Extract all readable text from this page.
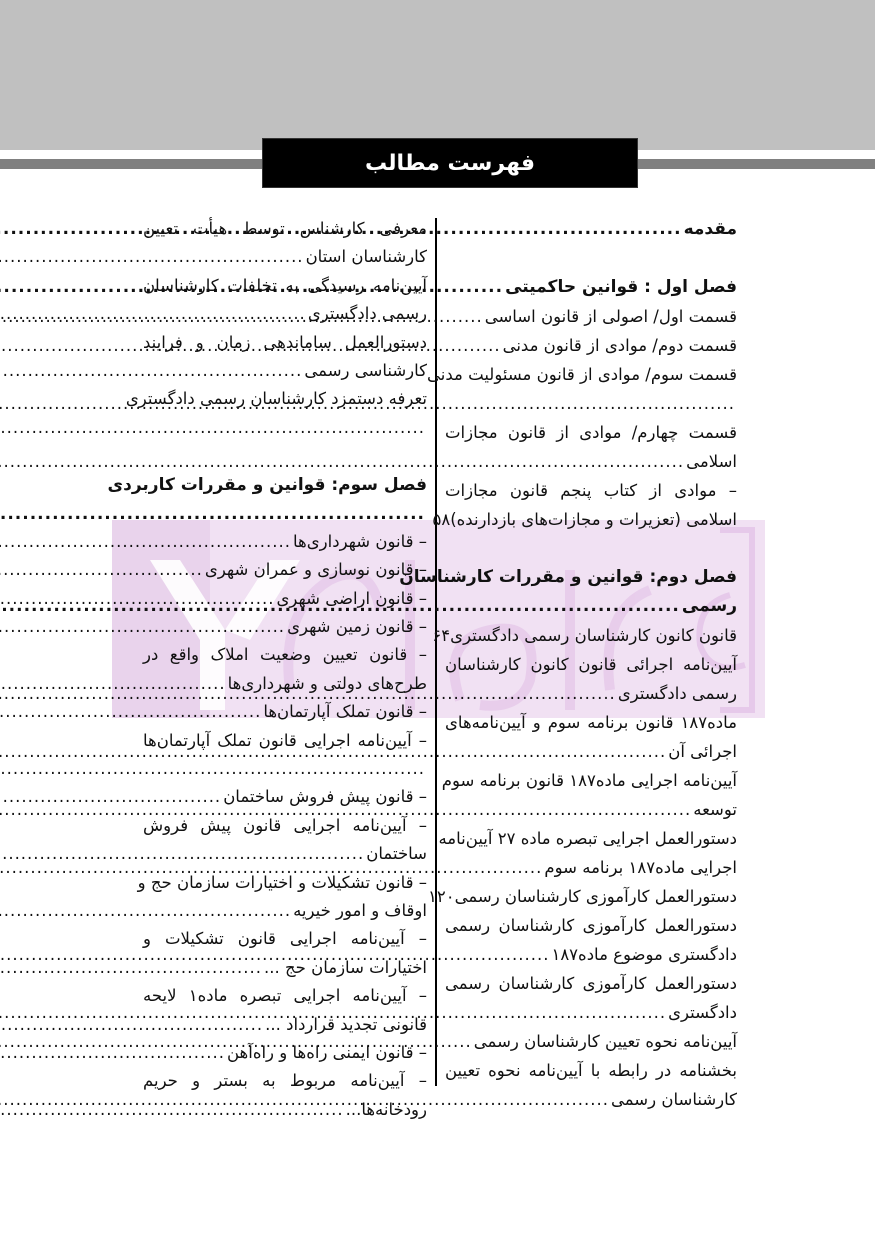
فهرست مطالب
مقدمه
.....
فصل اول : قوانین حاکمیتی
.....
قسمت اول/ اصولی از قانون اساسی
.....
قسمت دوم/ موادی از قانون مدنی
.....
قسمت سوم/ موادی از قانون مسئولیت مدنی
.....
قسمت چهارم/ موادی از قانون مجازات
اسلامی
.....
– موادی از کتاب پنجم قانون مجازات
اسلامی (تعزیرات و مجازات‌های بازدارنده)
۵۸
فصل دوم: قوانین و مقررات کارشناسان
رسمی
.....
قانون کانون کارشناسان رسمی دادگستری
۶۴
آیین‌نامه اجرائی قانون کانون کارشناسان
رسمی دادگستری
.....
ماده۱۸۷ قانون برنامه سوم و آیین‌نامه‌های
اجرائی آن
.....
آیین‌نامه اجرایی ماده۱۸۷ قانون برنامه سوم
توسعه
.....
دستورالعمل اجرایی تبصره ماده ۲۷ آیین‌نامه
اجرایی ماده۱۸۷ برنامه سوم
.....
دستورالعمل کارآموزی کارشناسان رسمی
۱۲۰
دستورالعمل کارآموزی کارشناسان رسمی
دادگستری موضوع ماده۱۸۷
.....
دستورالعمل کارآموزی کارشناسان رسمی
دادگستری
.....
آیین‌نامه نحوه تعیین کارشناسان رسمی
.....
بخشنامه در رابطه با آیین‌نامه نحوه تعیین
کارشناسان رسمی
.....
معرفی کارشناس توسط هیأت تعیین
کارشناسان استان
.....
آیین‌نامه رسیدگی به تخلفات کارشناسان
رسمی دادگستری
.....
دستورالعمل ساماندهی زمان و فرایند
کارشناسی رسمی
.....
تعرفه دستمزد کارشناسان رسمی دادگستری
.....
فصل سوم: قوانین و مقررات کاربردی
.....
– قانون شهرداری‌ها
.....
– قانون نوسازی و عمران شهری
.....
– قانون اراضی شهری
.....
– قانون زمین شهری
.....
– قانون تعیین وضعیت املاک واقع در
طرح‌های دولتی و شهرداری‌ها
.....
– قانون تملک آپارتمان‌ها
.....
– آیین‌نامه اجرایی قانون تملک آپارتمان‌ها
.....
– قانون پیش فروش ساختمان
.....
– آیین‌نامه اجرایی قانون پیش فروش
ساختمان
.....
– قانون تشکیلات و اختیارات سازمان حج و
اوقاف و امور خیریه
.....
– آیین‌نامه اجرایی قانون تشکیلات و
اختیارات سازمان حج ...
.....
– آیین‌نامه اجرایی تبصره ماده۱ لایحه
قانونی تجدید قرارداد ...
.....
– قانون ایمنی راه‌ها و راه‌آهن
.....
– آیین‌نامه مربوط به بستر و حریم
رودخانه‌ها...
.....
